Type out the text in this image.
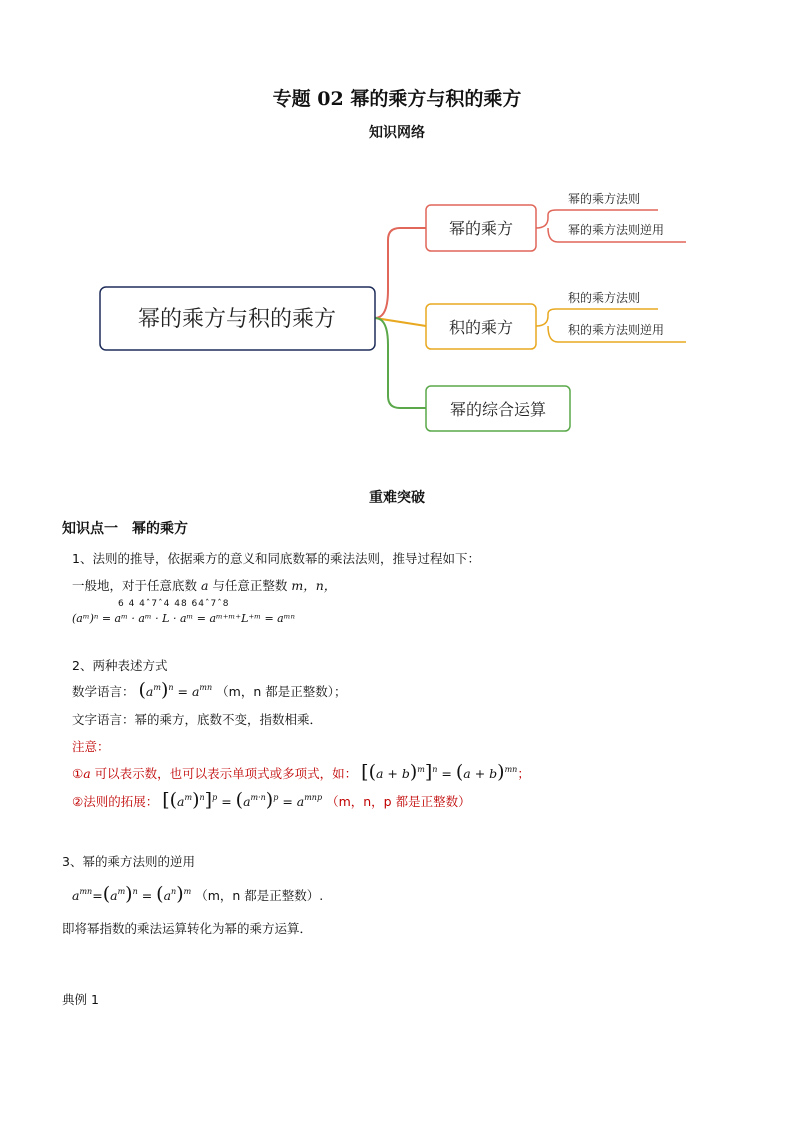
专题 02 幂的乘方与积的乘方
知识网络
幂的乘方与积的乘方
幂的乘方
幂的乘方法则
幂的乘方法则逆用
积的乘方
积的乘方法则
积的乘方法则逆用
幂的综合运算
重难突破
知识点一 幂的乘方
1、法则的推导，依据乘方的意义和同底数幂的乘法法则，推导过程如下：
一般地，对于任意底数 a 与任意正整数 m，n，
6 4 4ˆ7ˆ4 48 64ˆ7ˆ8
(aᵐ)ⁿ = aᵐ · aᵐ · L · aᵐ = aᵐ⁺ᵐ⁺L⁺ᵐ = aᵐⁿ
2、两种表述方式
数学语言： $(a^m)^n = a^{mn}$ （m，n 都是正整数）；
文字语言：幂的乘方，底数不变，指数相乘．
注意：
①a 可以表示数，也可以表示单项式或多项式，如： $[(a + b)^m]^n = (a + b)^{mn}$；
②法则的拓展： $[(a^m)^n]^p = (a^{m\cdot n})^p = a^{mnp}$ （m，n，p 都是正整数）
3、幂的乘方法则的逆用
$a^{mn}=(a^m)^n = (a^n)^m$ （m，n 都是正整数）.
即将幂指数的乘法运算转化为幂的乘方运算．
典例 1
